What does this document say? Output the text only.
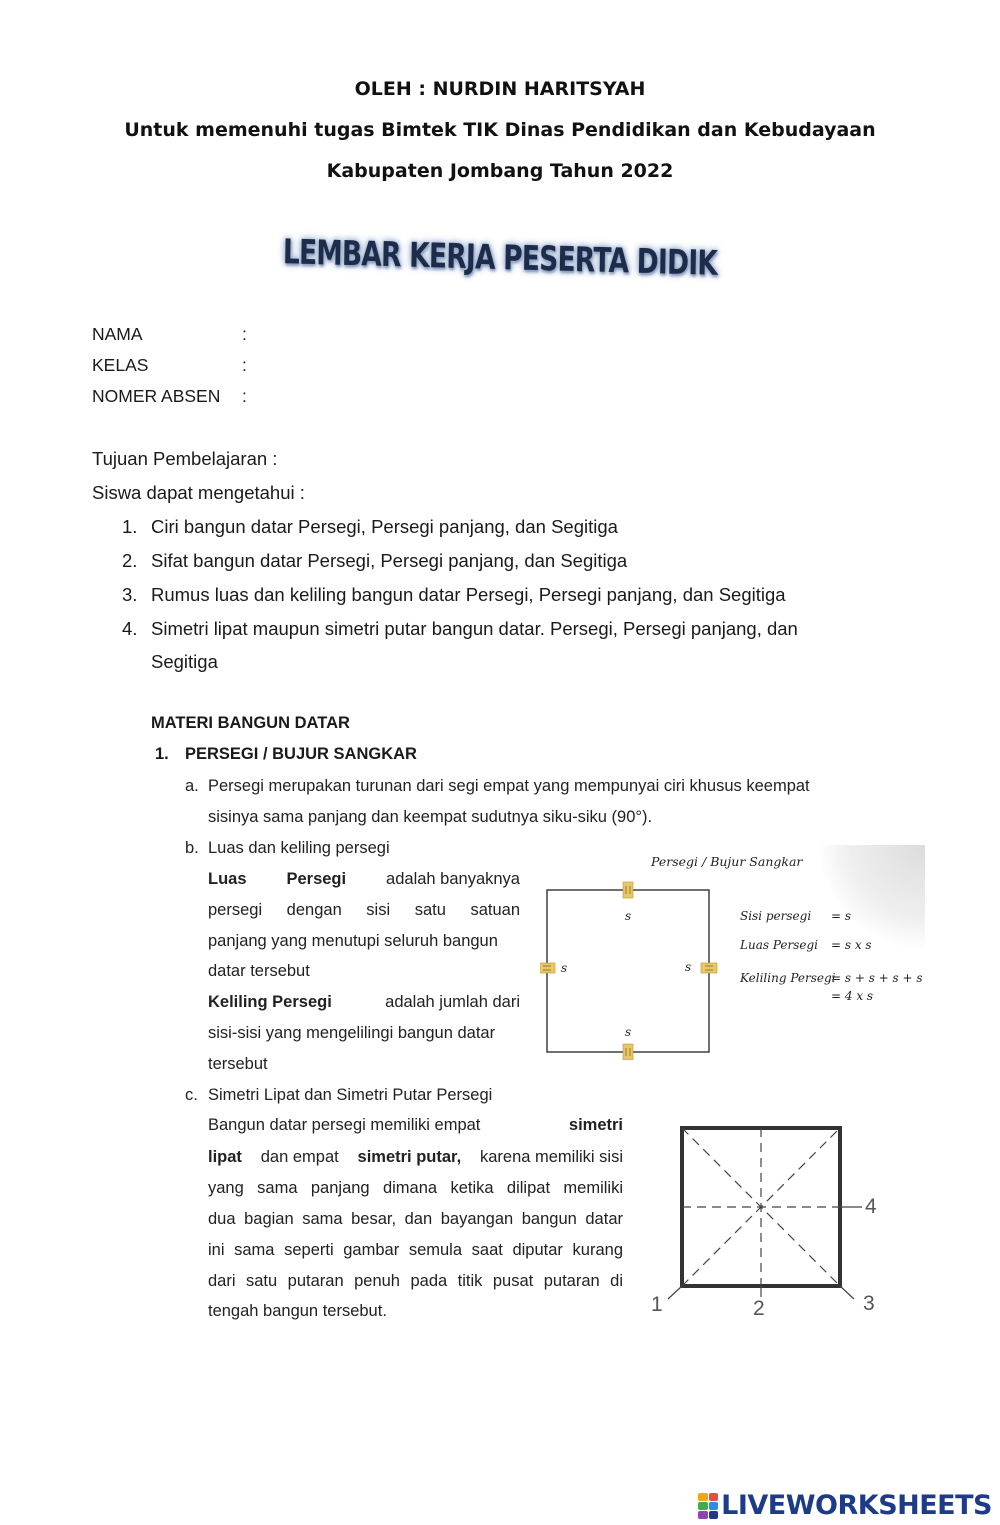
OLEH : NURDIN HARITSYAH
Untuk memenuhi tugas Bimtek TIK Dinas Pendidikan dan Kebudayaan
Kabupaten Jombang Tahun 2022
LEMBAR KERJA PESERTA DIDIK
NAMA	:
KELAS	:
NOMER ABSEN :
Tujuan Pembelajaran :
Siswa dapat mengetahui :
1. Ciri bangun datar Persegi, Persegi panjang, dan Segitiga
2. Sifat bangun datar Persegi, Persegi panjang, dan Segitiga
3. Rumus luas dan keliling bangun datar Persegi, Persegi panjang, dan Segitiga
4. Simetri lipat maupun simetri putar bangun datar. Persegi, Persegi panjang, dan
Segitiga
MATERI BANGUN DATAR
1. PERSEGI / BUJUR SANGKAR
a. Persegi merupakan turunan dari segi empat yang mempunyai ciri khusus keempat
sisinya sama panjang dan keempat sudutnya siku-siku (90°).
b. Luas dan keliling persegi
Luas Persegi adalah banyaknya
persegi dengan sisi satu satuan
panjang yang menutupi seluruh bangun
datar tersebut
Keliling Persegi	adalah jumlah dari
sisi-sisi yang mengelilingi bangun datar
tersebut
Persegi / Bujur Sangkar
s
s	s
s
Sisi persegi = s
Luas Persegi = s x s
Keliling Persegi
= s + s + s + s
= 4 x s
c. Simetri Lipat dan Simetri Putar Persegi
Bangun datar persegi memiliki empat	simetri
lipat dan empat simetri putar, karena memiliki sisi
yang sama panjang dimana ketika dilipat memiliki
dua bagian sama besar, dan bayangan bangun datar
ini sama seperti gambar semula saat diputar kurang
dari satu putaran penuh pada titik pusat putaran di
tengah bangun tersebut.	1	2	3
4
LIVEWORKSHEETS
